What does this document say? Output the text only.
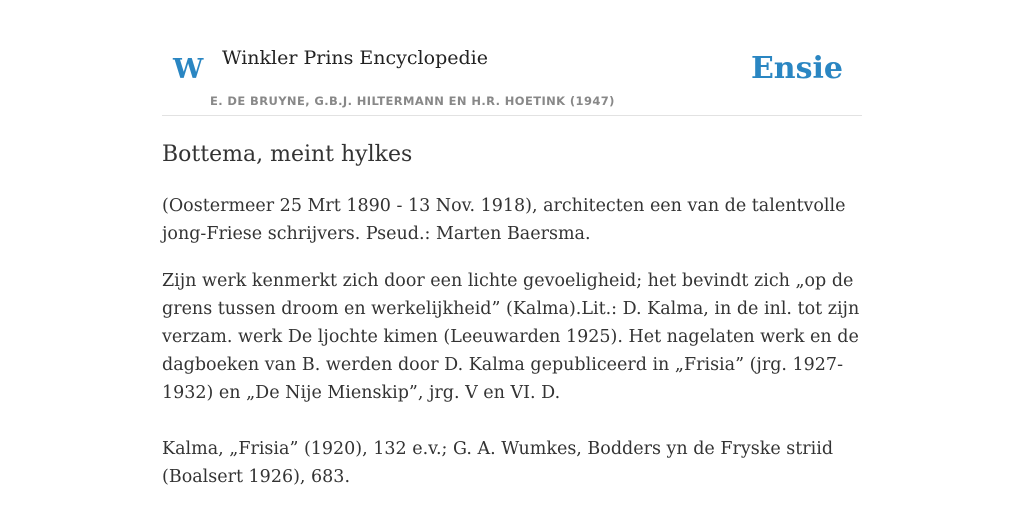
W Winkler Prins Encyclopedie
E. DE BRUYNE, G.B.J. HILTERMANN EN H.R. HOETINK (1947)
Ensie
Bottema, meint hylkes

(Oostermeer 25 Mrt 1890 - 13 Nov. 1918), architecten een van de talentvolle jong-Friese schrijvers. Pseud.: Marten Baersma.

Zijn werk kenmerkt zich door een lichte gevoeligheid; het bevindt zich „op de grens tussen droom en werkelijkheid” (Kalma).Lit.: D. Kalma, in de inl. tot zijn verzam. werk De ljochte kimen (Leeuwarden 1925). Het nagelaten werk en de dagboeken van B. werden door D. Kalma gepubliceerd in „Frisia” (jrg. 1927-1932) en „De Nije Mienskip”, jrg. V en VI. D.

Kalma, „Frisia” (1920), 132 e.v.; G. A. Wumkes, Bodders yn de Fryske striid (Boalsert 1926), 683.
